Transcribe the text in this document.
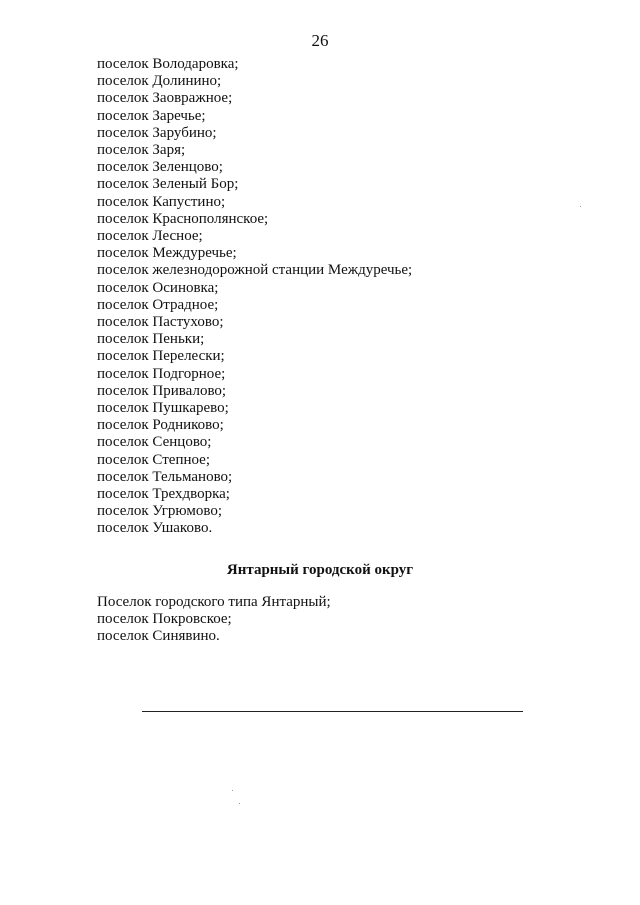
26
поселок Володаровка;
поселок Долинино;
поселок Заовражное;
поселок Заречье;
поселок Зарубино;
поселок Заря;
поселок Зеленцово;
поселок Зеленый Бор;
поселок Капустино;
поселок Краснополянское;
поселок Лесное;
поселок Междуречье;
поселок железнодорожной станции Междуречье;
поселок Осиновка;
поселок Отрадное;
поселок Пастухово;
поселок Пеньки;
поселок Перелески;
поселок Подгорное;
поселок Привалово;
поселок Пушкарево;
поселок Родниково;
поселок Сенцово;
поселок Степное;
поселок Тельманово;
поселок Трехдворка;
поселок Угрюмово;
поселок Ушаково.
Янтарный городской округ
Поселок городского типа Янтарный;
поселок Покровское;
поселок Синявино.
